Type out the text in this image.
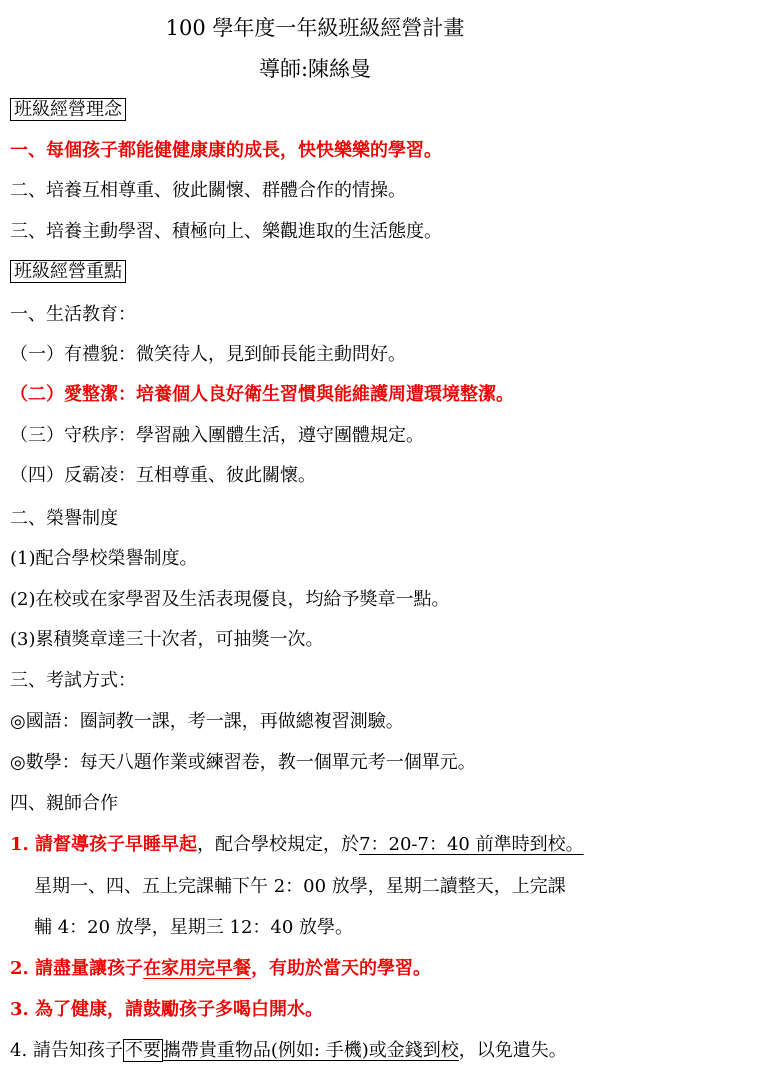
100 學年度一年級班級經營計畫
導師:陳絲曼
班級經營理念
一、每個孩子都能健健康康的成長，快快樂樂的學習。
二、培養互相尊重、彼此關懷、群體合作的情操。
三、培養主動學習、積極向上、樂觀進取的生活態度。
班級經營重點
一、生活教育：
（一）有禮貌：微笑待人，見到師長能主動問好。
（二）愛整潔：培養個人良好衛生習慣與能維護周遭環境整潔。
（三）守秩序：學習融入團體生活，遵守團體規定。
（四）反霸凌：互相尊重、彼此關懷。
二、榮譽制度
(1)配合學校榮譽制度。
(2)在校或在家學習及生活表現優良，均給予獎章一點。
(3)累積獎章達三十次者，可抽獎一次。
三、考試方式：
◎國語：圈詞教一課，考一課，再做總複習測驗。
◎數學：每天八題作業或練習卷，教一個單元考一個單元。
四、親師合作
1. 請督導孩子早睡早起，配合學校規定，於7：20-7：40 前準時到校。
星期一、四、五上完課輔下午 2：00 放學，星期二讀整天，上完課
輔 4：20 放學，星期三 12：40 放學。
2. 請盡量讓孩子在家用完早餐，有助於當天的學習。
3. 為了健康，請鼓勵孩子多喝白開水。
4. 請告知孩子 不要 攜帶貴重物品(例如: 手機)或金錢到校，以免遺失。
